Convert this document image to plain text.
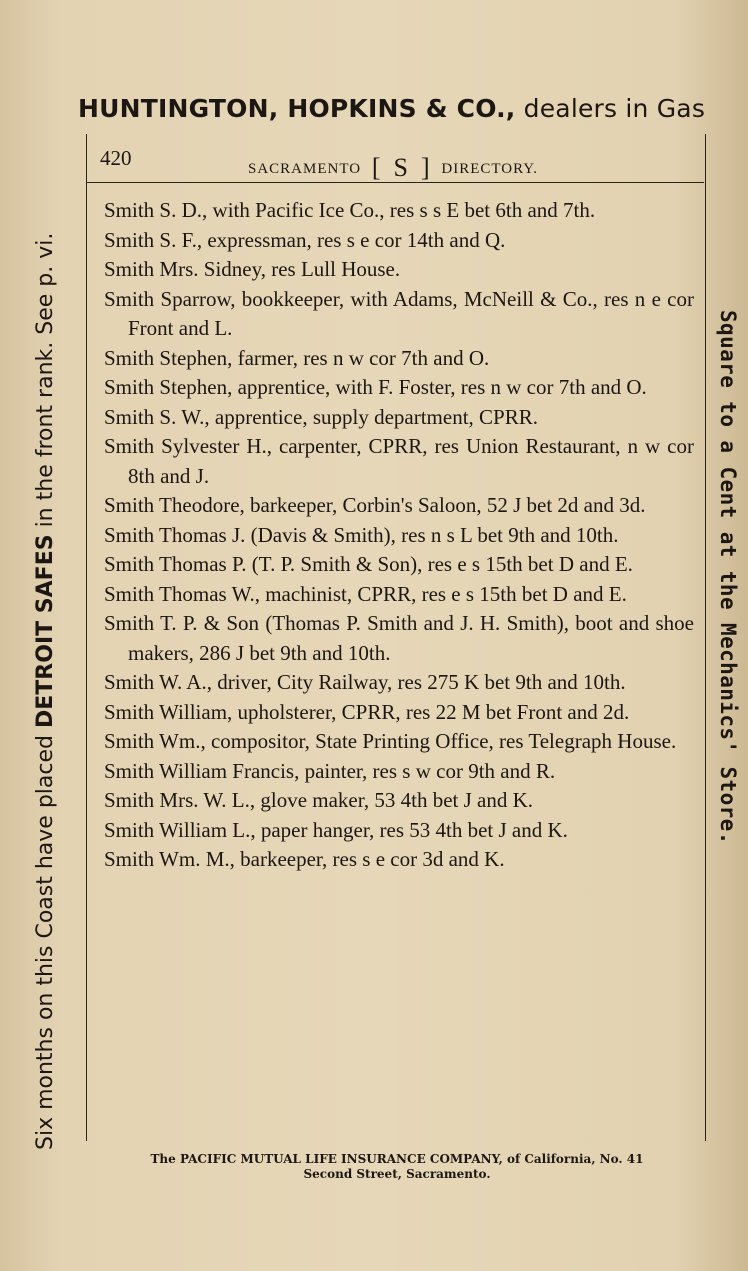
HUNTINGTON, HOPKINS & CO., dealers in Gas
Six months on this Coast have placed DETROIT SAFES in the front rank. See p. vi.	Square to a Cent at the Mechanics' Store.
420	SACRAMENTO [ S ] DIRECTORY.
Smith S. D., with Pacific Ice Co., res s s E bet 6th and 7th.
Smith S. F., expressman, res s e cor 14th and Q.
Smith Mrs. Sidney, res Lull House.
Smith Sparrow, bookkeeper, with Adams, McNeill & Co., res n e cor Front and L.
Smith Stephen, farmer, res n w cor 7th and O.
Smith Stephen, apprentice, with F. Foster, res n w cor 7th and O.
Smith S. W., apprentice, supply department, CPRR.
Smith Sylvester H., carpenter, CPRR, res Union Restaurant, n w cor 8th and J.
Smith Theodore, barkeeper, Corbin's Saloon, 52 J bet 2d and 3d.
Smith Thomas J. (Davis & Smith), res n s L bet 9th and 10th.
Smith Thomas P. (T. P. Smith & Son), res e s 15th bet D and E.
Smith Thomas W., machinist, CPRR, res e s 15th bet D and E.
Smith T. P. & Son (Thomas P. Smith and J. H. Smith), boot and shoe makers, 286 J bet 9th and 10th.
Smith W. A., driver, City Railway, res 275 K bet 9th and 10th.
Smith William, upholsterer, CPRR, res 22 M bet Front and 2d.
Smith Wm., compositor, State Printing Office, res Telegraph House.
Smith William Francis, painter, res s w cor 9th and R.
Smith Mrs. W. L., glove maker, 53 4th bet J and K.
Smith William L., paper hanger, res 53 4th bet J and K.
Smith Wm. M., barkeeper, res s e cor 3d and K.
The PACIFIC MUTUAL LIFE INSURANCE COMPANY, of California, No. 41
Second Street, Sacramento.
